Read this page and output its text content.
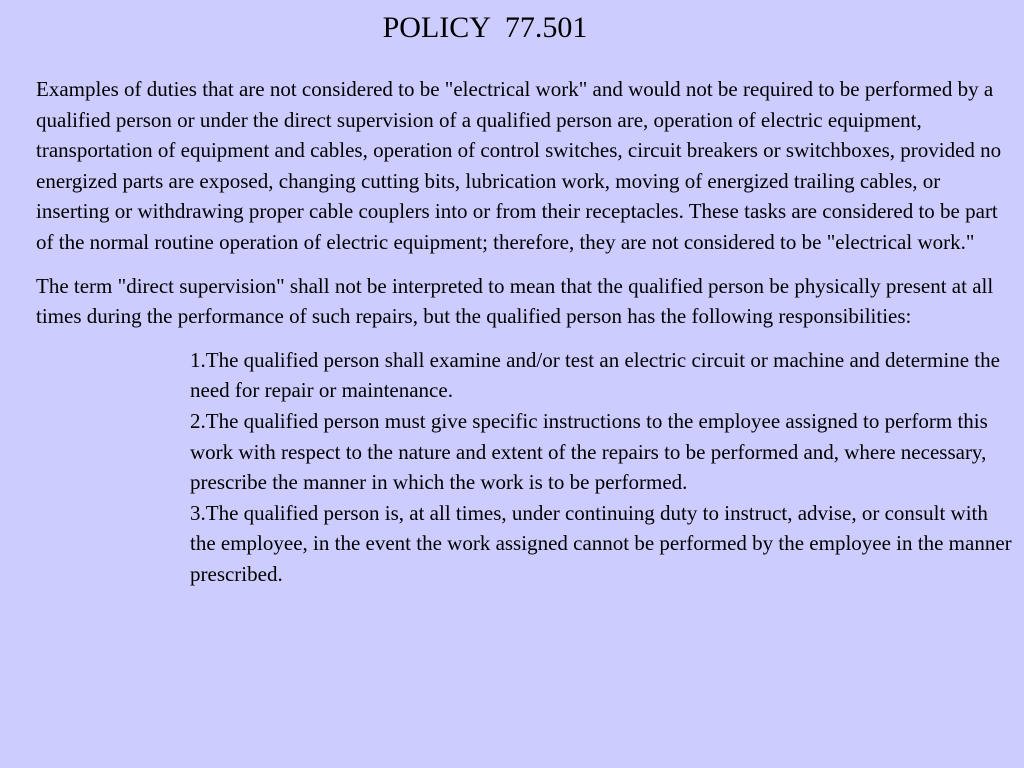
POLICY  77.501

Examples of duties that are not considered to be "electrical work" and would not be required to be performed by a qualified person or under the direct supervision of a qualified person are, operation of electric equipment, transportation of equipment and cables, operation of control switches, circuit breakers or switchboxes, provided no energized parts are exposed, changing cutting bits, lubrication work, moving of energized trailing cables, or inserting or withdrawing proper cable couplers into or from their receptacles. These tasks are considered to be part of the normal routine operation of electric equipment; therefore, they are not considered to be "electrical work."

The term "direct supervision" shall not be interpreted to mean that the qualified person be physically present at all times during the performance of such repairs, but the qualified person has the following responsibilities:

1.The qualified person shall examine and/or test an electric circuit or machine and determine the need for repair or maintenance.
2.The qualified person must give specific instructions to the employee assigned to perform this work with respect to the nature and extent of the repairs to be performed and, where necessary, prescribe the manner in which the work is to be performed.
3.The qualified person is, at all times, under continuing duty to instruct, advise, or consult with the employee, in the event the work assigned cannot be performed by the employee in the manner prescribed.
